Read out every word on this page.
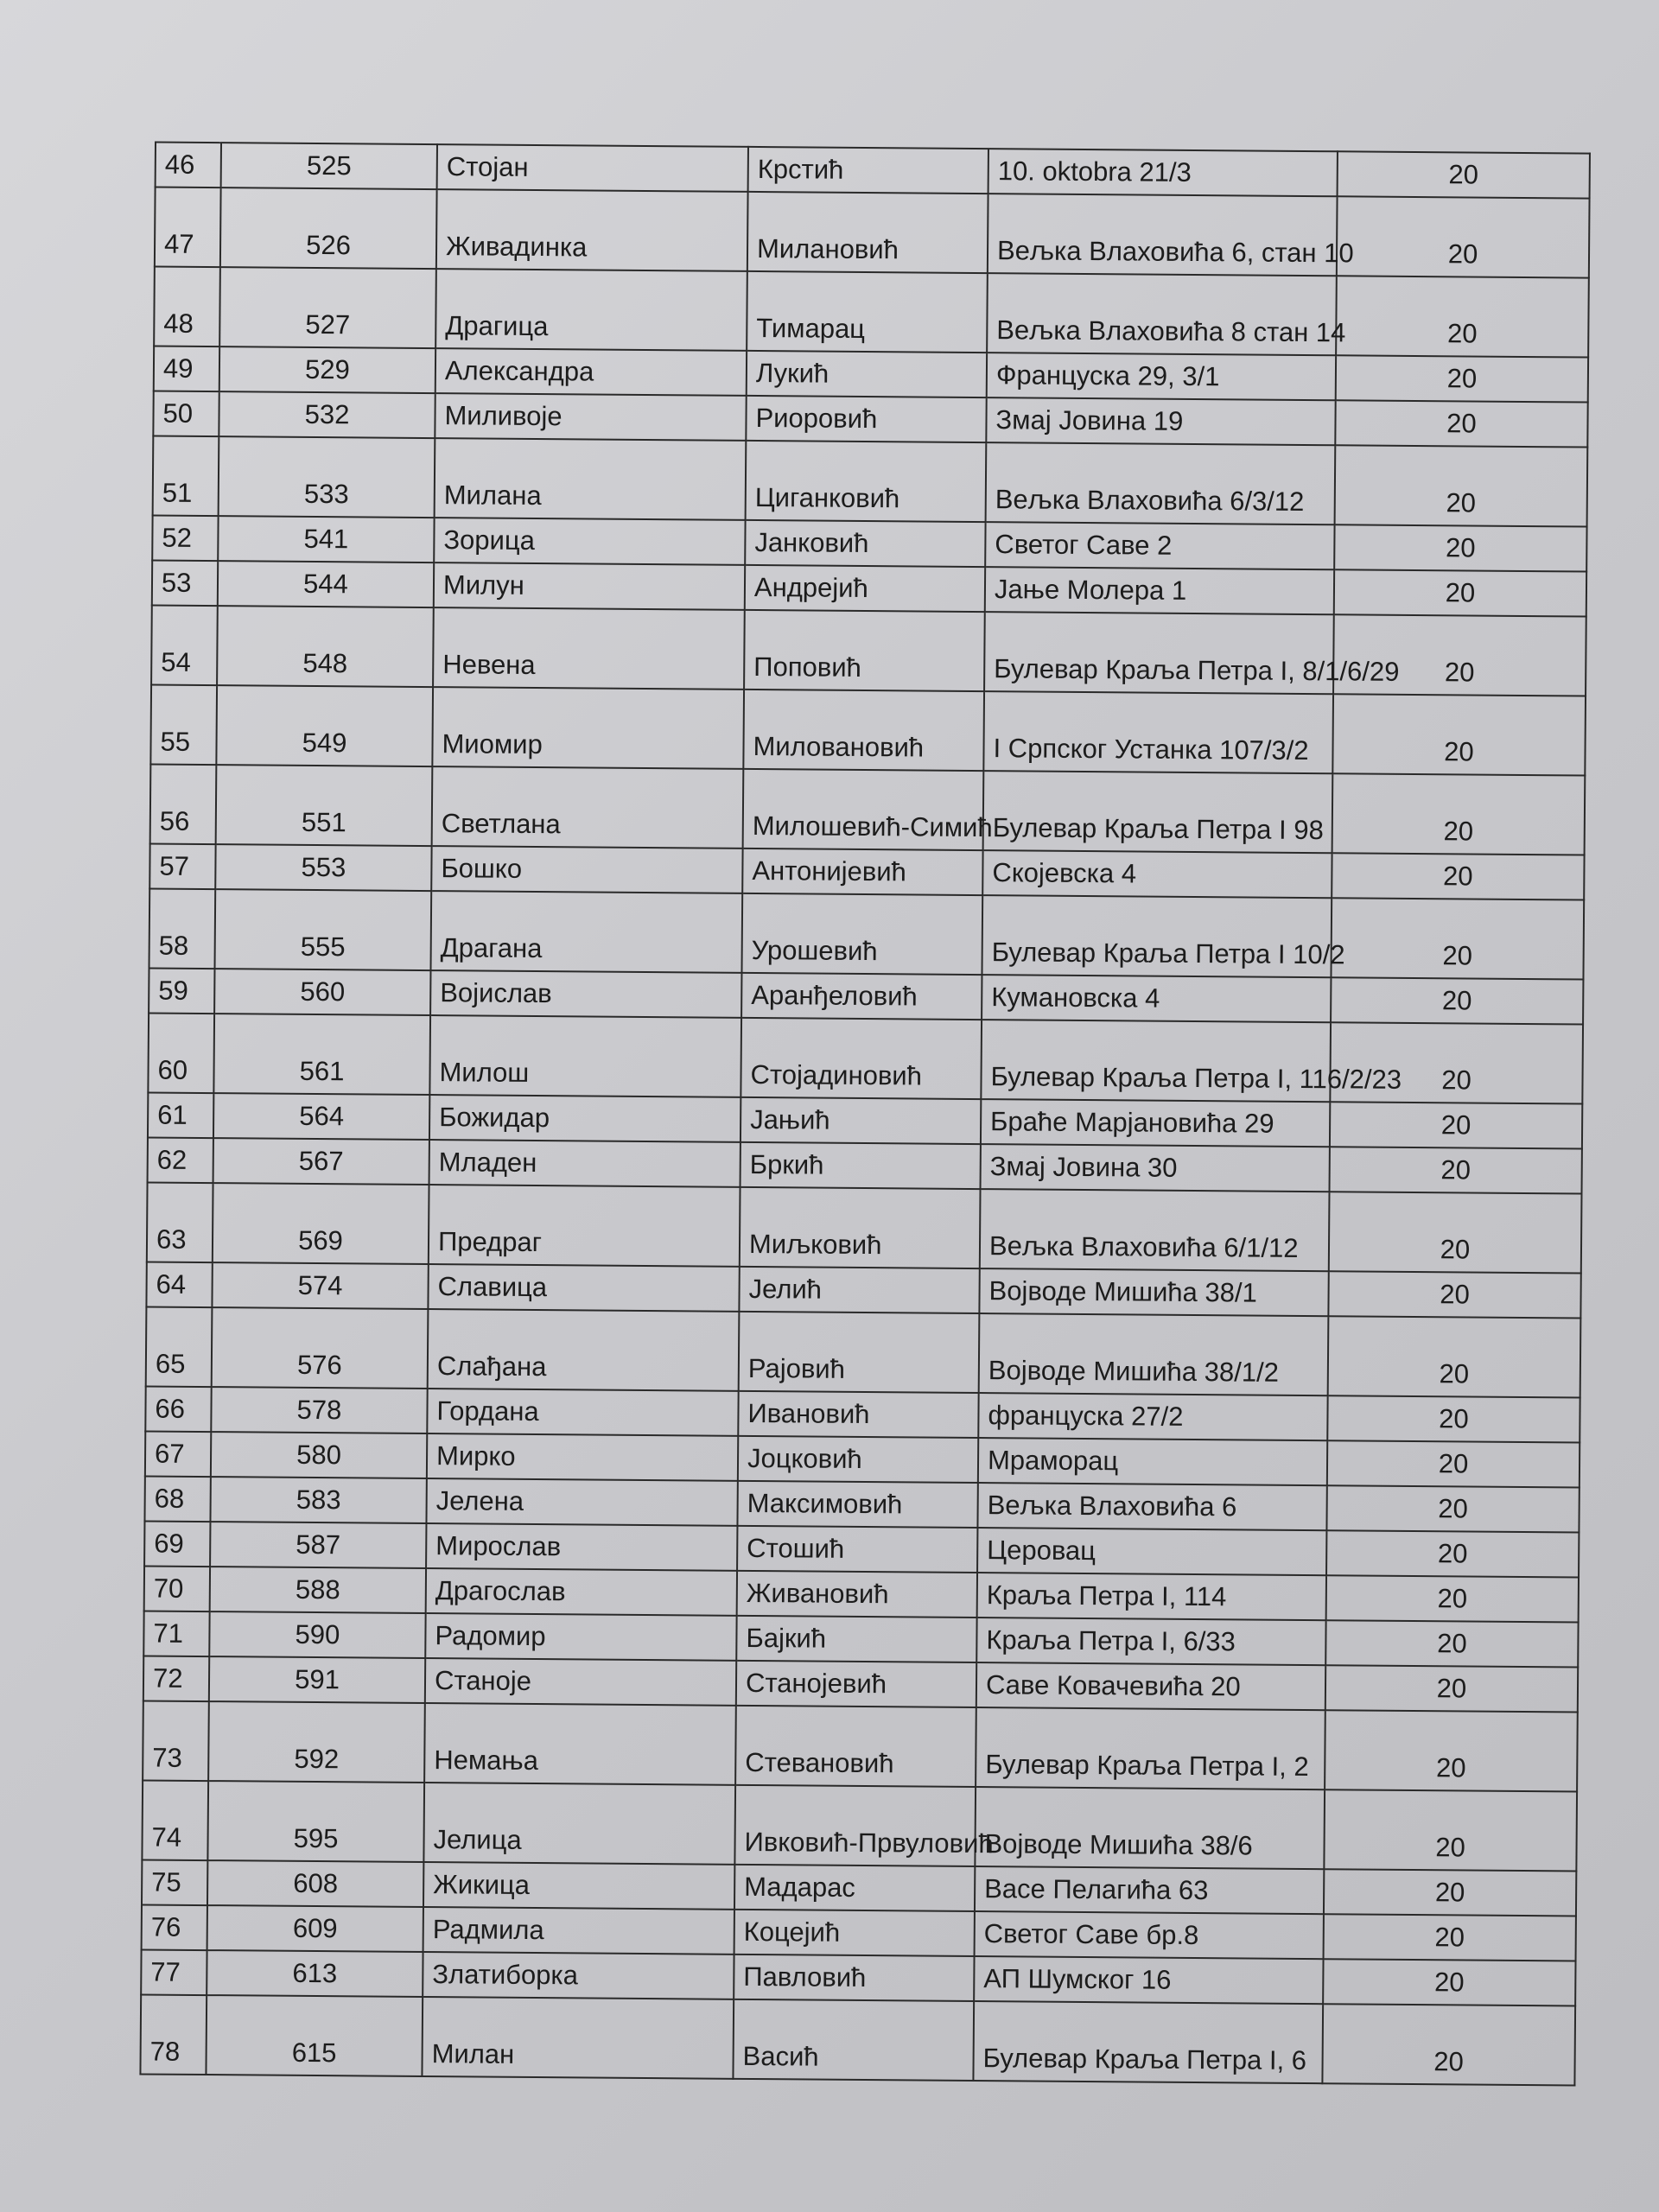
46	525	Стојан	Крстић	10. oktobra 21/3	20
47	526	Живадинка	Милановић	Вељка Влаховића 6, стан 10	20
48	527	Драгица	Тимарац	Вељка Влаховића 8 стан 14	20
49	529	Александра	Лукић	Француска 29, 3/1	20
50	532	Миливоје	Риоровић	Змај Јовина 19	20
51	533	Милана	Циганковић	Вељка Влаховића 6/3/12	20
52	541	Зорица	Јанковић	Светог Саве 2	20
53	544	Милун	Андрејић	Јање Молера 1	20
54	548	Невена	Поповић	Булевар Краља Петра I, 8/1/6/29	20
55	549	Миомир	Миловановић	I Српског Устанка 107/3/2	20
56	551	Светлана	Милошевић-Симић	Булевар Краља Петра I 98	20
57	553	Бошко	Антонијевић	Скојевска 4	20
58	555	Драгана	Урошевић	Булевар Краља Петра I 10/2	20
59	560	Војислав	Аранђеловић	Кумановска 4	20
60	561	Милош	Стојадиновић	Булевар Краља Петра I, 116/2/23	20
61	564	Божидар	Јањић	Браће Марјановића 29	20
62	567	Младен	Бркић	Змај Јовина 30	20
63	569	Предраг	Миљковић	Вељка Влаховића 6/1/12	20
64	574	Славица	Јелић	Војводе Мишића 38/1	20
65	576	Слађана	Рајовић	Војводе Мишића 38/1/2	20
66	578	Гордана	Ивановић	француска 27/2	20
67	580	Мирко	Јоцковић	Мраморац	20
68	583	Јелена	Максимовић	Вељка Влаховића 6	20
69	587	Мирослав	Стошић	Церовац	20
70	588	Драгослав	Живановић	Краља Петра I, 114	20
71	590	Радомир	Бајкић	Краља Петра I, 6/33	20
72	591	Станоје	Станојевић	Саве Ковачевића 20	20
73	592	Немања	Стевановић	Булевар Краља Петра I, 2	20
74	595	Јелица	Ивковић-Првуловић	Војводе Мишића 38/6	20
75	608	Жикица	Мадарас	Васе Пелагића 63	20
76	609	Радмила	Коцејић	Светог Саве бр.8	20
77	613	Златиборка	Павловић	АП Шумског 16	20
78	615	Милан	Васић	Булевар Краља Петра I, 6	20
